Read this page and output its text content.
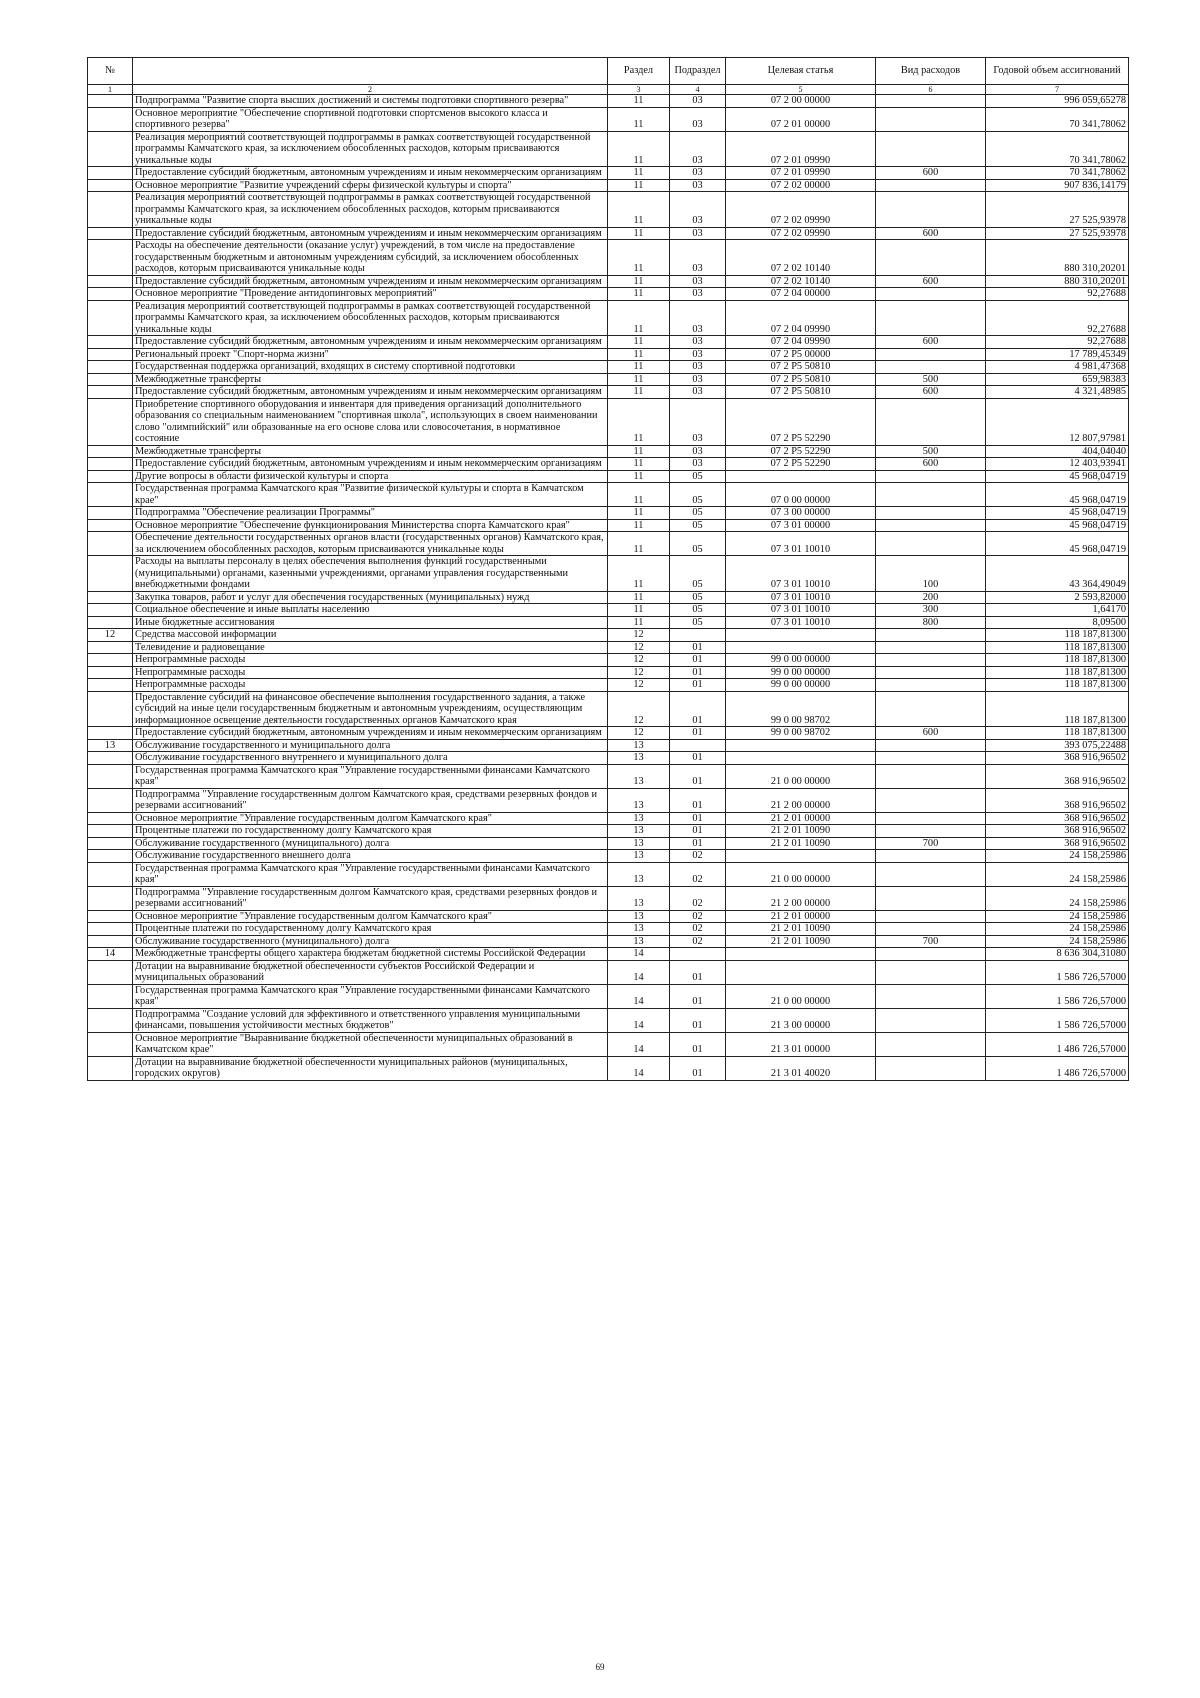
№		Раздел	Подраздел	Целевая статья	Вид расходов	Годовой объем ассигнований
1	2	3	4	5	6	7
	Подпрограмма "Развитие спорта высших достижений и системы подготовки спортивного резерва"	11	03	07 2 00 00000		996 059,65278
	Основное мероприятие "Обеспечение спортивной подготовки спортсменов высокого класса и спортивного резерва"	11	03	07 2 01 00000		70 341,78062
	Реализация мероприятий соответствующей подпрограммы в рамках соответствующей государственной программы Камчатского края, за исключением обособленных расходов, которым присваиваются уникальные коды	11	03	07 2 01 09990		70 341,78062
	Предоставление субсидий бюджетным, автономным учреждениям и иным некоммерческим организациям	11	03	07 2 01 09990	600	70 341,78062
	Основное мероприятие "Развитие учреждений сферы физической культуры и спорта"	11	03	07 2 02 00000		907 836,14179
	Реализация мероприятий соответствующей подпрограммы в рамках соответствующей государственной программы Камчатского края, за исключением обособленных расходов, которым присваиваются уникальные коды	11	03	07 2 02 09990		27 525,93978
	Предоставление субсидий бюджетным, автономным учреждениям и иным некоммерческим организациям	11	03	07 2 02 09990	600	27 525,93978
	Расходы на обеспечение деятельности (оказание услуг) учреждений, в том числе на предоставление государственным бюджетным и автономным учреждениям субсидий, за исключением обособленных расходов, которым присваиваются уникальные коды	11	03	07 2 02 10140		880 310,20201
	Предоставление субсидий бюджетным, автономным учреждениям и иным некоммерческим организациям	11	03	07 2 02 10140	600	880 310,20201
	Основное мероприятие "Проведение антидопинговых мероприятий"	11	03	07 2 04 00000		92,27688
	Реализация мероприятий соответствующей подпрограммы в рамках соответствующей государственной программы Камчатского края, за исключением обособленных расходов, которым присваиваются уникальные коды	11	03	07 2 04 09990		92,27688
	Предоставление субсидий бюджетным, автономным учреждениям и иным некоммерческим организациям	11	03	07 2 04 09990	600	92,27688
	Региональный проект "Спорт-норма жизни"	11	03	07 2 P5 00000		17 789,45349
	Государственная поддержка организаций, входящих в систему спортивной подготовки	11	03	07 2 P5 50810		4 981,47368
	Межбюджетные трансферты	11	03	07 2 P5 50810	500	659,98383
	Предоставление субсидий бюджетным, автономным учреждениям и иным некоммерческим организациям	11	03	07 2 P5 50810	600	4 321,48985
	Приобретение спортивного оборудования и инвентаря для приведения организаций дополнительного образования со специальным наименованием "спортивная школа", использующих в своем наименовании слово "олимпийский" или образованные на его основе слова или словосочетания, в нормативное состояние	11	03	07 2 P5 52290		12 807,97981
	Межбюджетные трансферты	11	03	07 2 P5 52290	500	404,04040
	Предоставление субсидий бюджетным, автономным учреждениям и иным некоммерческим организациям	11	03	07 2 P5 52290	600	12 403,93941
	Другие вопросы в области физической культуры и спорта	11	05			45 968,04719
	Государственная программа Камчатского края "Развитие физической культуры и спорта в Камчатском крае"	11	05	07 0 00 00000		45 968,04719
	Подпрограмма "Обеспечение реализации Программы"	11	05	07 3 00 00000		45 968,04719
	Основное мероприятие "Обеспечение функционирования Министерства спорта Камчатского края"	11	05	07 3 01 00000		45 968,04719
	Обеспечение деятельности государственных органов власти (государственных органов) Камчатского края, за исключением обособленных расходов, которым присваиваются уникальные коды	11	05	07 3 01 10010		45 968,04719
	Расходы на выплаты персоналу в целях обеспечения выполнения функций государственными (муниципальными) органами, казенными учреждениями, органами управления государственными внебюджетными фондами	11	05	07 3 01 10010	100	43 364,49049
	Закупка товаров, работ и услуг для обеспечения государственных (муниципальных) нужд	11	05	07 3 01 10010	200	2 593,82000
	Социальное обеспечение и иные выплаты населению	11	05	07 3 01 10010	300	1,64170
	Иные бюджетные ассигнования	11	05	07 3 01 10010	800	8,09500
12	Средства массовой информации	12				118 187,81300
	Телевидение и радиовещание	12	01			118 187,81300
	Непрограммные расходы	12	01	99 0 00 00000		118 187,81300
	Непрограммные расходы	12	01	99 0 00 00000		118 187,81300
	Непрограммные расходы	12	01	99 0 00 00000		118 187,81300
	Предоставление субсидий на финансовое обеспечение выполнения государственного задания, а также субсидий на иные цели государственным бюджетным и автономным учреждениям, осуществляющим информационное освещение деятельности государственных органов Камчатского края	12	01	99 0 00 98702		118 187,81300
	Предоставление субсидий бюджетным, автономным учреждениям и иным некоммерческим организациям	12	01	99 0 00 98702	600	118 187,81300
13	Обслуживание государственного и муниципального долга	13				393 075,22488
	Обслуживание государственного внутреннего и муниципального долга	13	01			368 916,96502
	Государственная программа Камчатского края "Управление государственными финансами Камчатского края"	13	01	21 0 00 00000		368 916,96502
	Подпрограмма "Управление государственным долгом Камчатского края, средствами резервных фондов и резервами ассигнований"	13	01	21 2 00 00000		368 916,96502
	Основное мероприятие "Управление государственным долгом Камчатского края"	13	01	21 2 01 00000		368 916,96502
	Процентные платежи по государственному долгу Камчатского края	13	01	21 2 01 10090		368 916,96502
	Обслуживание государственного (муниципального) долга	13	01	21 2 01 10090	700	368 916,96502
	Обслуживание государственного внешнего долга	13	02			24 158,25986
	Государственная программа Камчатского края "Управление государственными финансами Камчатского края"	13	02	21 0 00 00000		24 158,25986
	Подпрограмма "Управление государственным долгом Камчатского края, средствами резервных фондов и резервами ассигнований"	13	02	21 2 00 00000		24 158,25986
	Основное мероприятие "Управление государственным долгом Камчатского края"	13	02	21 2 01 00000		24 158,25986
	Процентные платежи по государственному долгу Камчатского края	13	02	21 2 01 10090		24 158,25986
	Обслуживание государственного (муниципального) долга	13	02	21 2 01 10090	700	24 158,25986
14	Межбюджетные трансферты общего характера бюджетам бюджетной системы Российской Федерации	14				8 636 304,31080
	Дотации на выравнивание бюджетной обеспеченности субъектов Российской Федерации и муниципальных образований	14	01			1 586 726,57000
	Государственная программа Камчатского края "Управление государственными финансами Камчатского края"	14	01	21 0 00 00000		1 586 726,57000
	Подпрограмма "Создание условий для эффективного и ответственного управления муниципальными финансами, повышения устойчивости местных бюджетов"	14	01	21 3 00 00000		1 586 726,57000
	Основное мероприятие "Выравнивание бюджетной обеспеченности муниципальных образований в Камчатском крае"	14	01	21 3 01 00000		1 486 726,57000
	Дотации на выравнивание бюджетной обеспеченности муниципальных районов (муниципальных, городских округов)	14	01	21 3 01 40020		1 486 726,57000
69
